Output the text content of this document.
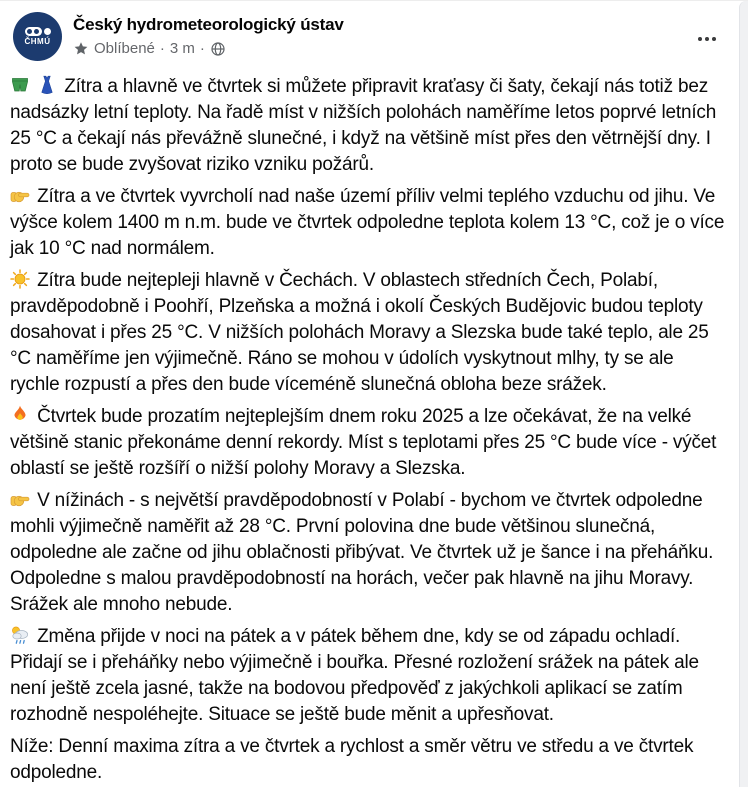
ČHMÚ
Český hydrometeorologický ústav
Oblíbené · 3 m ·

Zítra a hlavně ve čtvrtek si můžete připravit kraťasy či šaty, čekají nás totiž bez nadsázky letní teploty. Na řadě míst v nižších polohách naměříme letos poprvé letních 25 °C a čekají nás převážně slunečné, i když na většině míst přes den větrnější dny. I proto se bude zvyšovat riziko vzniku požárů.

Zítra a ve čtvrtek vyvrcholí nad naše území příliv velmi teplého vzduchu od jihu. Ve výšce kolem 1400 m n.m. bude ve čtvrtek odpoledne teplota kolem 13 °C, což je o více jak 10 °C nad normálem.

Zítra bude nejtepleji hlavně v Čechách. V oblastech středních Čech, Polabí, pravděpodobně i Poohří, Plzeňska a možná i okolí Českých Budějovic budou teploty dosahovat i přes 25 °C. V nižších polohách Moravy a Slezska bude také teplo, ale 25 °C naměříme jen výjimečně. Ráno se mohou v údolích vyskytnout mlhy, ty se ale rychle rozpustí a přes den bude víceméně slunečná obloha beze srážek.

Čtvrtek bude prozatím nejteplejším dnem roku 2025 a lze očekávat, že na velké většině stanic překonáme denní rekordy. Míst s teplotami přes 25 °C bude více - výčet oblastí se ještě rozšíří o nižší polohy Moravy a Slezska.

V nížinách - s největší pravděpodobností v Polabí - bychom ve čtvrtek odpoledne mohli výjimečně naměřit až 28 °C. První polovina dne bude většinou slunečná, odpoledne ale začne od jihu oblačnosti přibývat. Ve čtvrtek už je šance i na přeháňku. Odpoledne s malou pravděpodobností na horách, večer pak hlavně na jihu Moravy. Srážek ale mnoho nebude.

Změna přijde v noci na pátek a v pátek během dne, kdy se od západu ochladí. Přidají se i přeháňky nebo výjimečně i bouřka. Přesné rozložení srážek na pátek ale není ještě zcela jasné, takže na bodovou předpověď z jakýchkoli aplikací se zatím rozhodně nespoléhejte. Situace se ještě bude měnit a upřesňovat.

Níže: Denní maxima zítra a ve čtvrtek a rychlost a směr větru ve středu a ve čtvrtek odpoledne.
